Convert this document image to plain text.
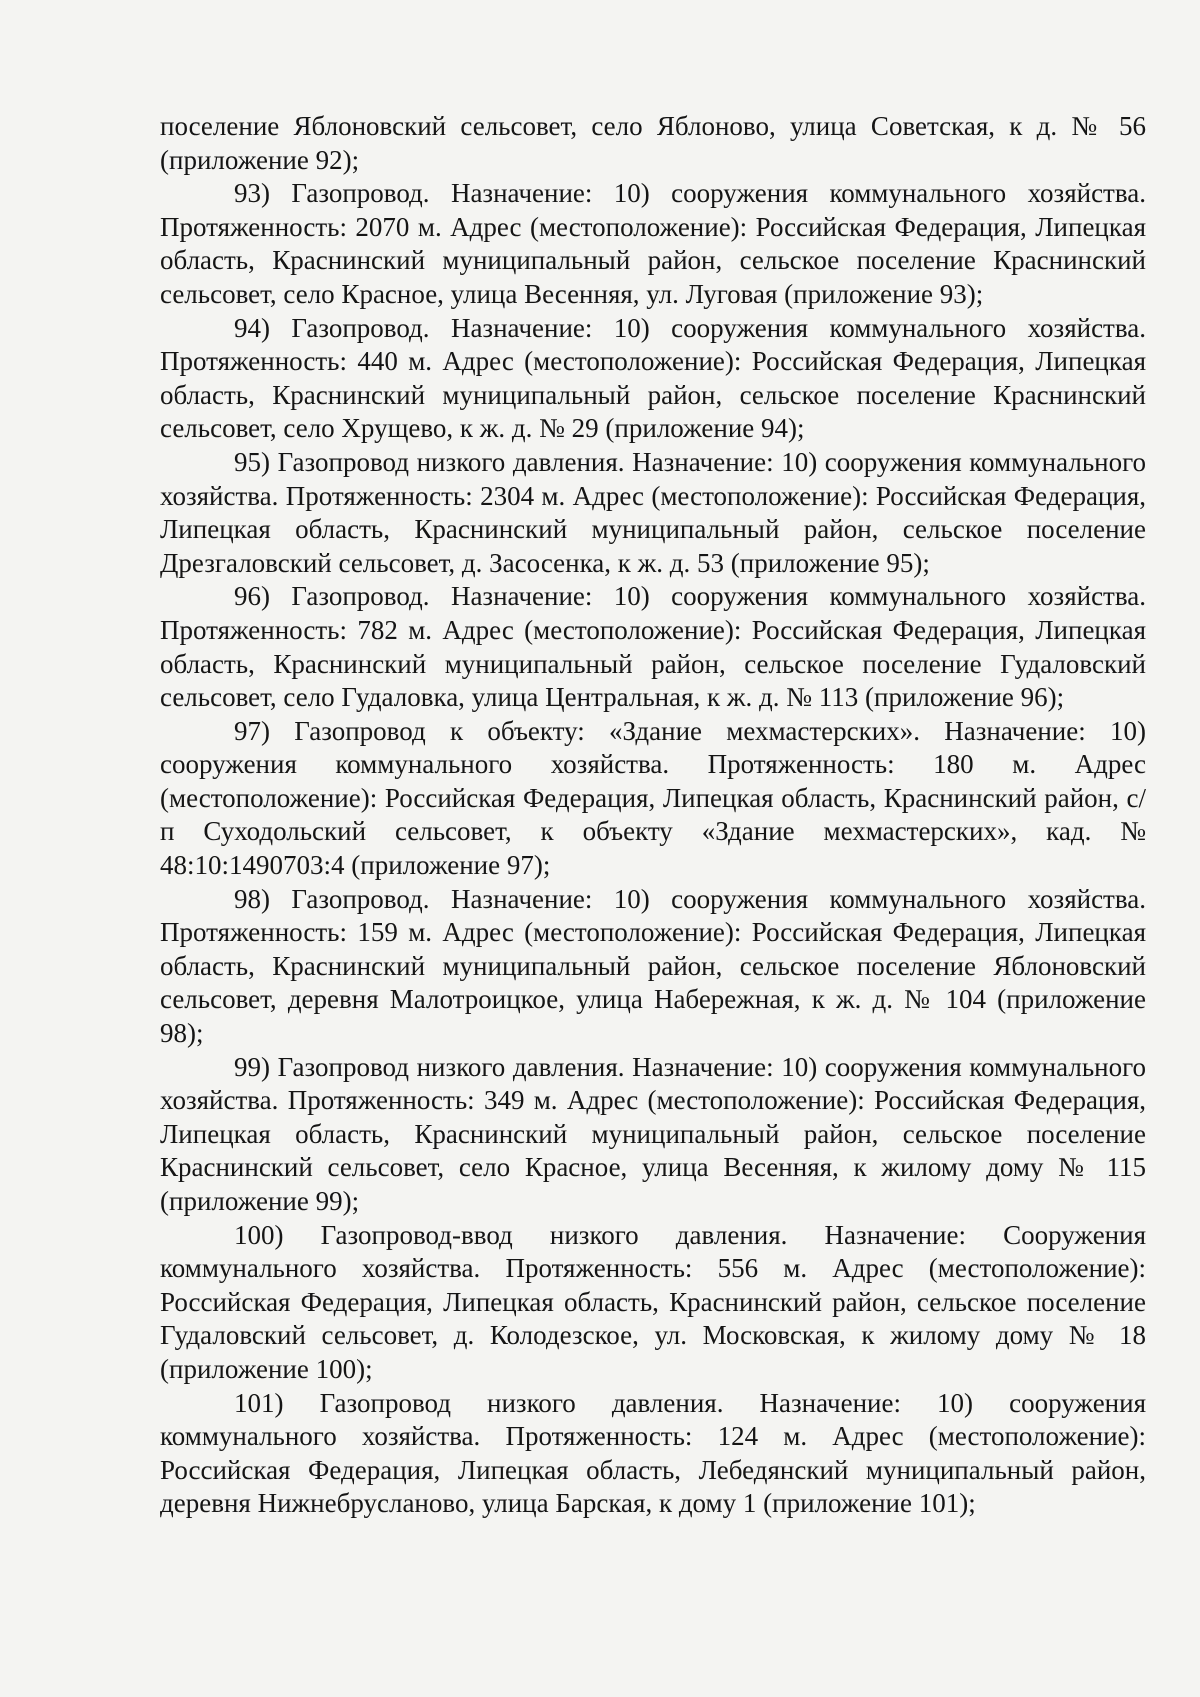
поселение Яблоновский сельсовет, село Яблоново, улица Советская, к д. № 56 (приложение 92);

93) Газопровод. Назначение: 10) сооружения коммунального хозяйства. Протяженность: 2070 м. Адрес (местоположение): Российская Федерация, Липецкая область, Краснинский муниципальный район, сельское поселение Краснинский сельсовет, село Красное, улица Весенняя, ул. Луговая (приложение 93);

94) Газопровод. Назначение: 10) сооружения коммунального хозяйства. Протяженность: 440 м. Адрес (местоположение): Российская Федерация, Липецкая область, Краснинский муниципальный район, сельское поселение Краснинский сельсовет, село Хрущево, к ж. д. № 29 (приложение 94);

95) Газопровод низкого давления. Назначение: 10) сооружения коммунального хозяйства. Протяженность: 2304 м. Адрес (местоположение): Российская Федерация, Липецкая область, Краснинский муниципальный район, сельское поселение Дрезгаловский сельсовет, д. Засосенка, к ж. д. 53 (приложение 95);

96) Газопровод. Назначение: 10) сооружения коммунального хозяйства. Протяженность: 782 м. Адрес (местоположение): Российская Федерация, Липецкая область, Краснинский муниципальный район, сельское поселение Гудаловский сельсовет, село Гудаловка, улица Центральная, к ж. д. № 113 (приложение 96);

97) Газопровод к объекту: «Здание мехмастерских». Назначение: 10) сооружения коммунального хозяйства. Протяженность: 180 м. Адрес (местоположение): Российская Федерация, Липецкая область, Краснинский район, с/п Суходольский сельсовет, к объекту «Здание мехмастерских», кад. № 48:10:1490703:4 (приложение 97);

98) Газопровод. Назначение: 10) сооружения коммунального хозяйства. Протяженность: 159 м. Адрес (местоположение): Российская Федерация, Липецкая область, Краснинский муниципальный район, сельское поселение Яблоновский сельсовет, деревня Малотроицкое, улица Набережная, к ж. д. № 104 (приложение 98);

99) Газопровод низкого давления. Назначение: 10) сооружения коммунального хозяйства. Протяженность: 349 м. Адрес (местоположение): Российская Федерация, Липецкая область, Краснинский муниципальный район, сельское поселение Краснинский сельсовет, село Красное, улица Весенняя, к жилому дому № 115 (приложение 99);

100) Газопровод-ввод низкого давления. Назначение: Сооружения коммунального хозяйства. Протяженность: 556 м. Адрес (местоположение): Российская Федерация, Липецкая область, Краснинский район, сельское поселение Гудаловский сельсовет, д. Колодезское, ул. Московская, к жилому дому № 18 (приложение 100);

101) Газопровод низкого давления. Назначение: 10) сооружения коммунального хозяйства. Протяженность: 124 м. Адрес (местоположение): Российская Федерация, Липецкая область, Лебедянский муниципальный район, деревня Нижнебрусланово, улица Барская, к дому 1 (приложение 101);
